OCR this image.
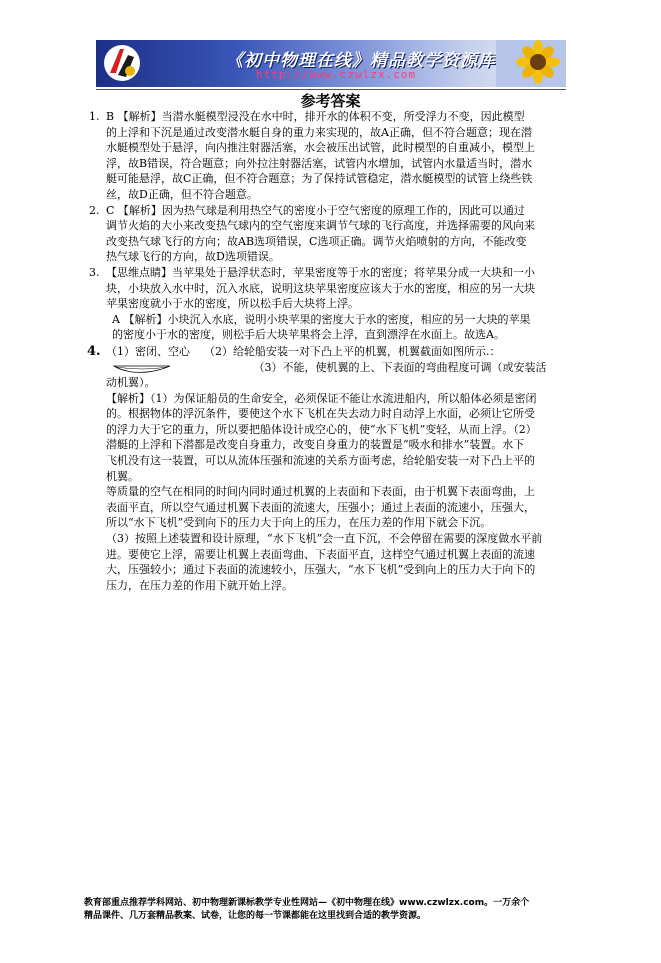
《初中物理在线》精品教学资源库
http://www.czwlzx.com
参考答案
1. B 【解析】当潜水艇模型浸没在水中时，排开水的体积不变，所受浮力不变，因此模型

的上浮和下沉是通过改变潜水艇自身的重力来实现的，故A正确，但不符合题意；现在潜

水艇模型处于悬浮，向内推注射器活塞，水会被压出试管，此时模型的自重减小，模型上

浮，故B错误，符合题意；向外拉注射器活塞，试管内水增加，试管内水量适当时，潜水

艇可能悬浮，故C正确，但不符合题意；为了保持试管稳定，潜水艇模型的试管上绕些铁

丝，故D正确，但不符合题意。

2. C 【解析】因为热气球是利用热空气的密度小于空气密度的原理工作的，因此可以通过

调节火焰的大小来改变热气球内的空气密度来调节气球的飞行高度，并选择需要的风向来

改变热气球飞行的方向；故AB选项错误，C选项正确。调节火焰喷射的方向，不能改变

热气球飞行的方向，故D选项错误。

3. 【思维点睛】当苹果处于悬浮状态时，苹果密度等于水的密度；将苹果分成一大块和一小

块，小块放入水中时，沉入水底，说明这块苹果密度应该大于水的密度，相应的另一大块

苹果密度就小于水的密度，所以松手后大块将上浮。

A 【解析】小块沉入水底，说明小块苹果的密度大于水的密度，相应的另一大块的苹果

的密度小于水的密度，则松手后大块苹果将会上浮，直到漂浮在水面上。故选A。

4. （1）密闭、空心 （2）给轮船安装一对下凸上平的机翼，机翼截面如图所示.：

（3）不能，使机翼的上、下表面的弯曲程度可调（或安装活

动机翼）。

【解析】（1）为保证船员的生命安全，必须保证不能让水流进船内，所以船体必须是密闭

的。根据物体的浮沉条件，要使这个水下飞机在失去动力时自动浮上水面，必须让它所受

的浮力大于它的重力，所以要把船体设计成空心的，使“水下飞机”变轻，从而上浮。（2）

潜艇的上浮和下潜都是改变自身重力，改变自身重力的装置是“吸水和排水”装置。水下

飞机没有这一装置，可以从流体压强和流速的关系方面考虑，给轮船安装一对下凸上平的

机翼。

等质量的空气在相同的时间内同时通过机翼的上表面和下表面，由于机翼下表面弯曲，上

表面平直，所以空气通过机翼下表面的流速大，压强小；通过上表面的流速小，压强大，

所以“水下飞机”受到向下的压力大于向上的压力，在压力差的作用下就会下沉。

（3）按照上述装置和设计原理，“水下飞机”会一直下沉，不会停留在需要的深度做水平前

进。要使它上浮，需要让机翼上表面弯曲、下表面平直，这样空气通过机翼上表面的流速

大，压强较小；通过下表面的流速较小，压强大，“水下飞机”受到向上的压力大于向下的

压力，在压力差的作用下就开始上浮。

教育部重点推荐学科网站、初中物理新课标教学专业性网站—《初中物理在线》www.czwlzx.com。一万余个

精品课件、几万套精品教案、试卷，让您的每一节课都能在这里找到合适的教学资源。
